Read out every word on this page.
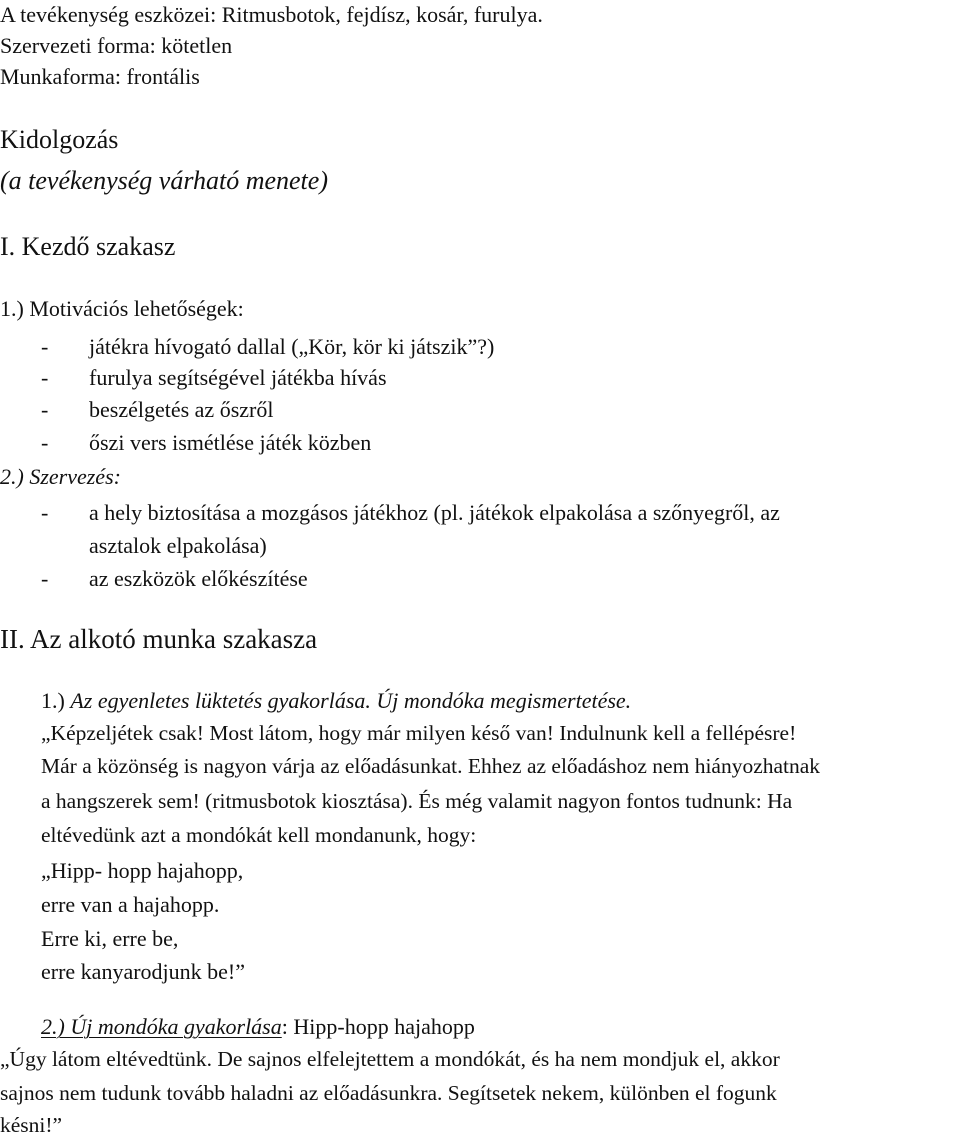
A tevékenység eszközei: Ritmusbotok, fejdísz, kosár, furulya.
Szervezeti forma: kötetlen
Munkaforma: frontális
Kidolgozás
(a tevékenység várható menete)
I. Kezdő szakasz
1.) Motivációs lehetőségek:
- játékra hívogató dallal („Kör, kör ki játszik”?)
- furulya segítségével játékba hívás
- beszélgetés az őszről
- őszi vers ismétlése játék közben
2.) Szervezés:
- a hely biztosítása a mozgásos játékhoz (pl. játékok elpakolása a szőnyegről, az
asztalok elpakolása)
- az eszközök előkészítése
II. Az alkotó munka szakasza
1.) Az egyenletes lüktetés gyakorlása. Új mondóka megismertetése.
„Képzeljétek csak! Most látom, hogy már milyen késő van! Indulnunk kell a fellépésre!
Már a közönség is nagyon várja az előadásunkat. Ehhez az előadáshoz nem hiányozhatnak
a hangszerek sem! (ritmusbotok kiosztása). És még valamit nagyon fontos tudnunk: Ha
eltévedünk azt a mondókát kell mondanunk, hogy:
„Hipp- hopp hajahopp,
erre van a hajahopp.
Erre ki, erre be,
erre kanyarodjunk be!”
2.) Új mondóka gyakorlása: Hipp-hopp hajahopp
„Úgy látom eltévedtünk. De sajnos elfelejtettem a mondókát, és ha nem mondjuk el, akkor
sajnos nem tudunk tovább haladni az előadásunkra. Segítsetek nekem, különben el fogunk
késni!”
